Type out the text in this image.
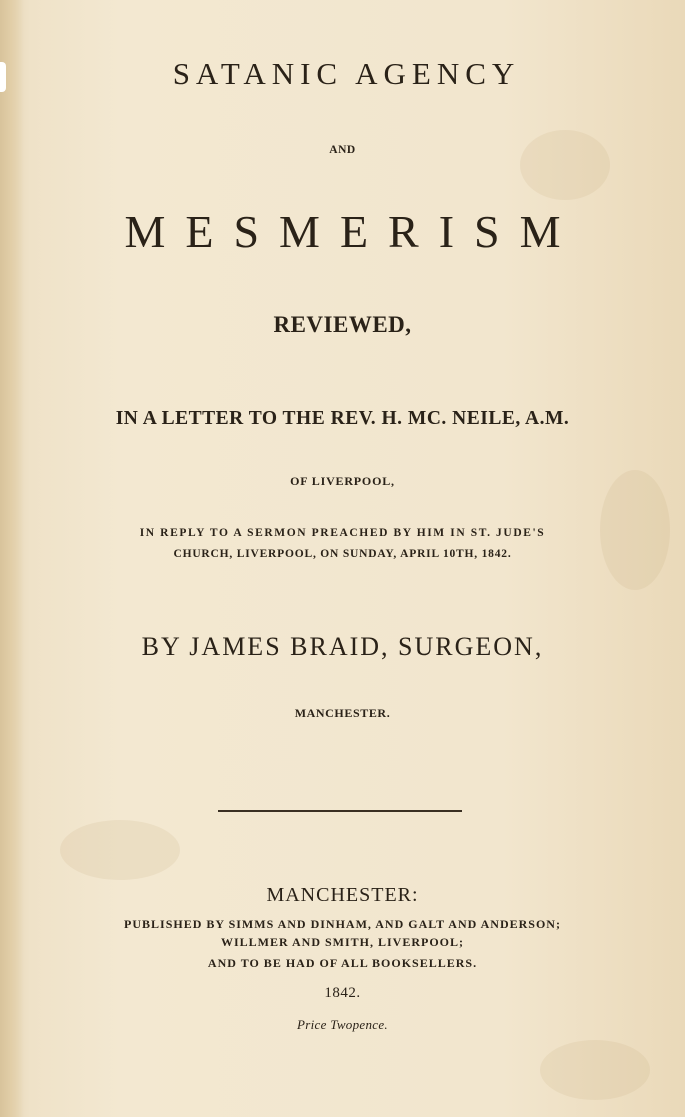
SATANIC AGENCY
AND
MESMERISM
REVIEWED,
IN A LETTER TO THE REV. H. MC. NEILE, A.M.
OF LIVERPOOL,
IN REPLY TO A SERMON PREACHED BY HIM IN ST. JUDE'S
CHURCH, LIVERPOOL, ON SUNDAY, APRIL 10TH, 1842.
BY JAMES BRAID, SURGEON,
MANCHESTER.
MANCHESTER:
PUBLISHED BY SIMMS AND DINHAM, AND GALT AND ANDERSON;
WILLMER AND SMITH, LIVERPOOL;
AND TO BE HAD OF ALL BOOKSELLERS.
1842.
Price Twopence.
